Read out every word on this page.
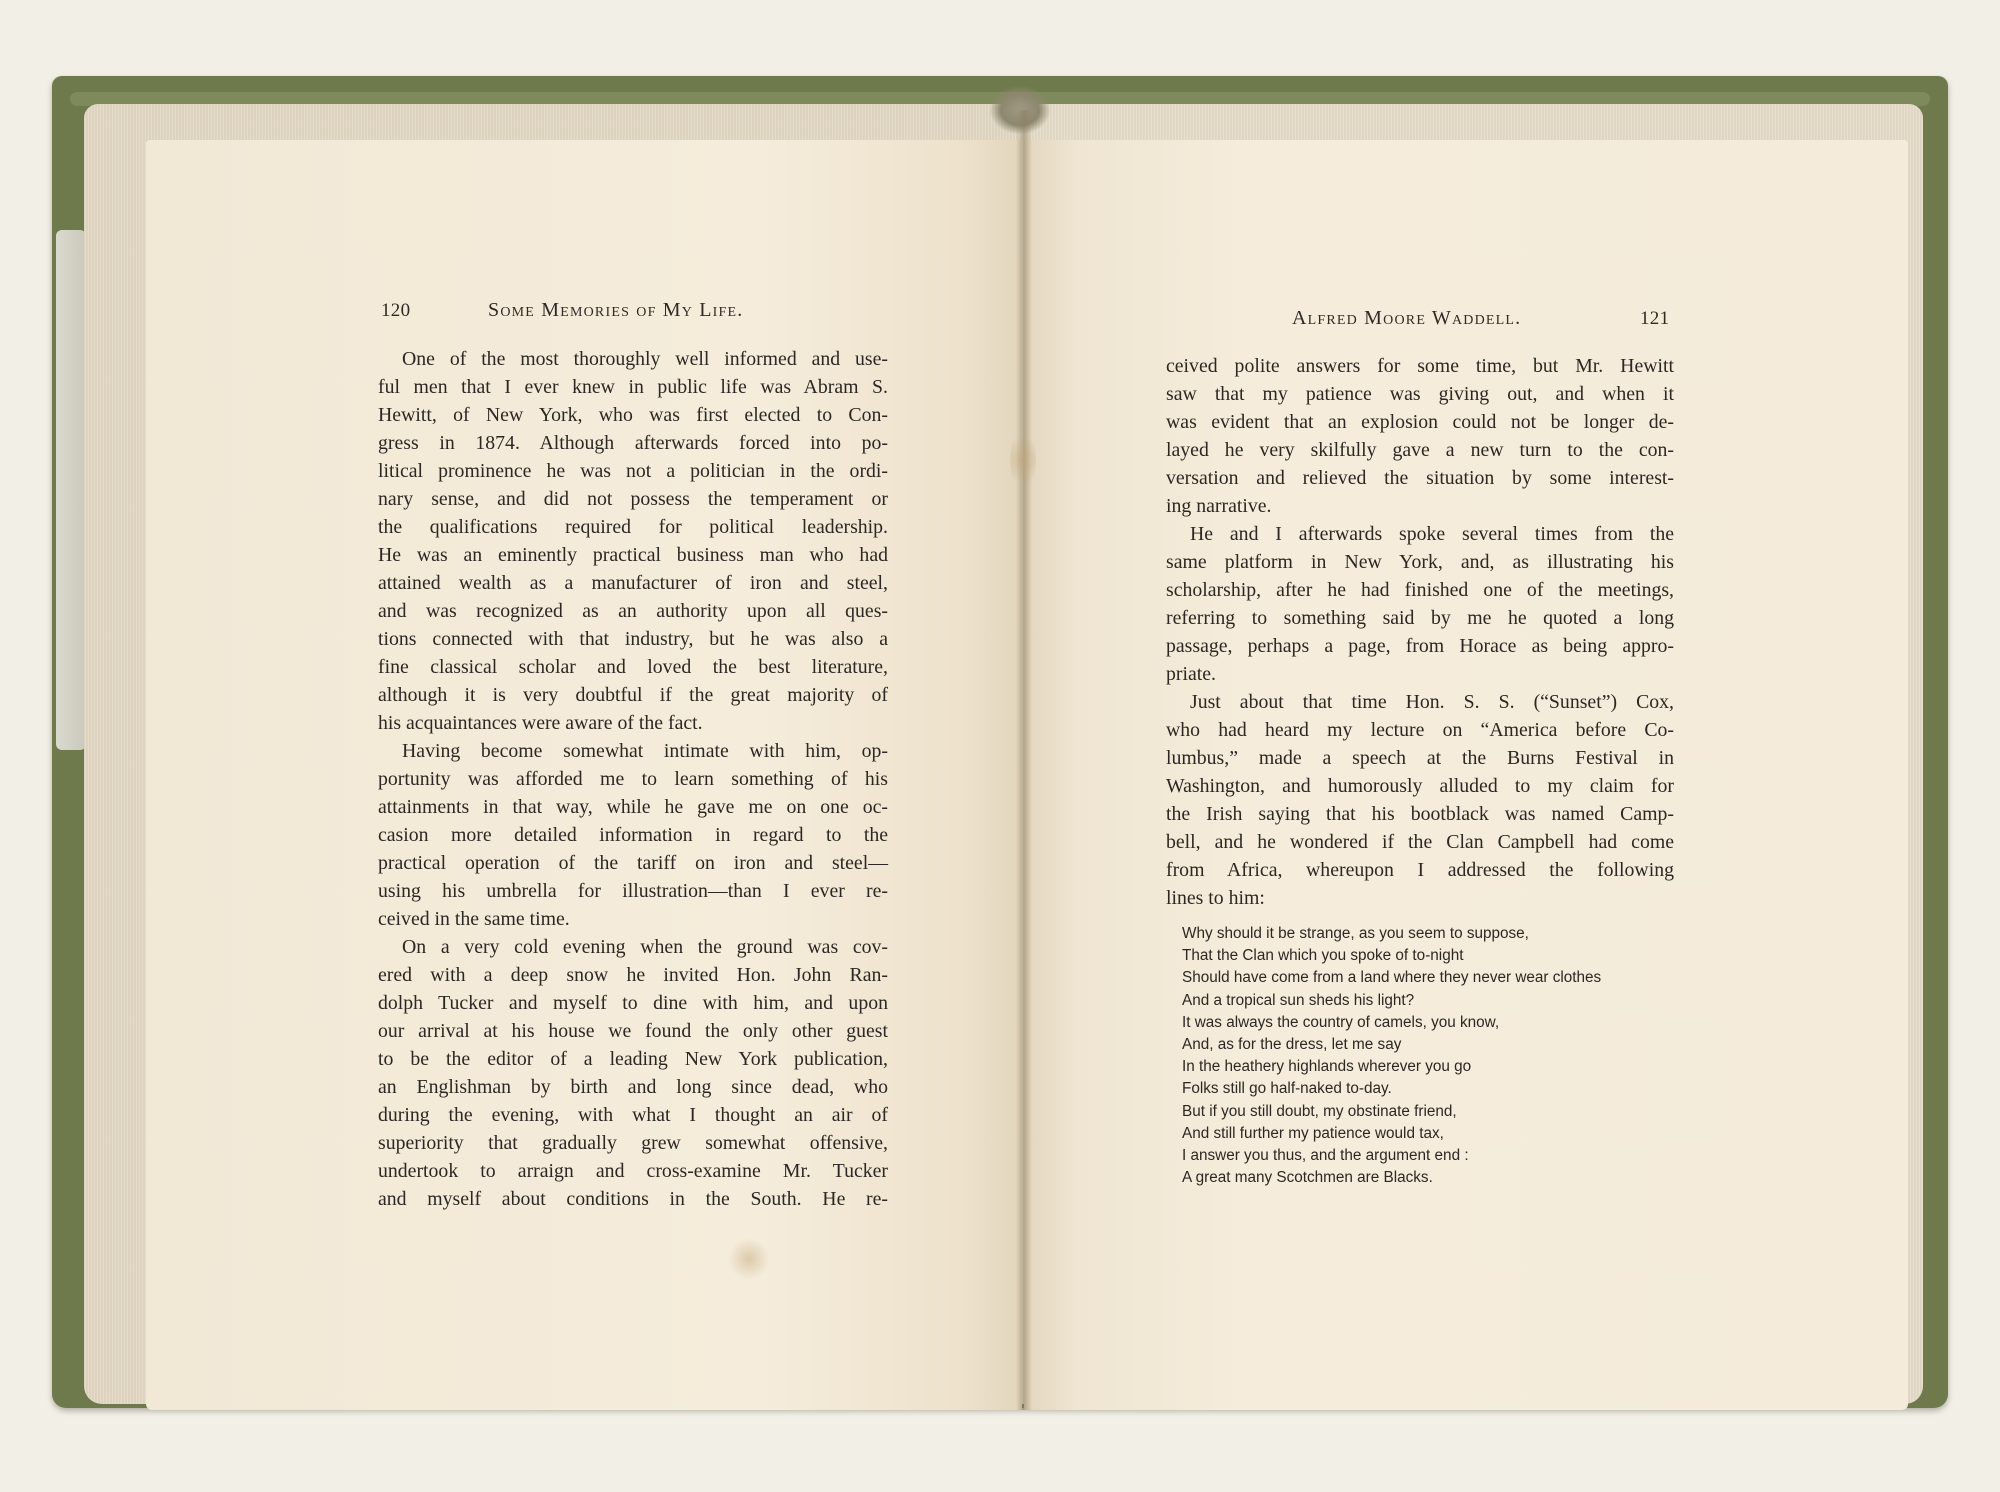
120	Some Memories of My Life.

One of the most thoroughly well informed and use-

ful men that I ever knew in public life was Abram S.

Hewitt, of New York, who was first elected to Con-

gress in 1874. Although afterwards forced into po-

litical prominence he was not a politician in the ordi-

nary sense, and did not possess the temperament or

the qualifications required for political leadership.

He was an eminently practical business man who had

attained wealth as a manufacturer of iron and steel,

and was recognized as an authority upon all ques-

tions connected with that industry, but he was also a

fine classical scholar and loved the best literature,

although it is very doubtful if the great majority of

his acquaintances were aware of the fact.

Having become somewhat intimate with him, op-

portunity was afforded me to learn something of his

attainments in that way, while he gave me on one oc-

casion more detailed information in regard to the

practical operation of the tariff on iron and steel—

using his umbrella for illustration—than I ever re-

ceived in the same time.

On a very cold evening when the ground was cov-

ered with a deep snow he invited Hon. John Ran-

dolph Tucker and myself to dine with him, and upon

our arrival at his house we found the only other guest

to be the editor of a leading New York publication,

an Englishman by birth and long since dead, who

during the evening, with what I thought an air of

superiority that gradually grew somewhat offensive,

undertook to arraign and cross-examine Mr. Tucker

and myself about conditions in the South. He re-

Alfred Moore Waddell.	121

ceived polite answers for some time, but Mr. Hewitt

saw that my patience was giving out, and when it

was evident that an explosion could not be longer de-

layed he very skilfully gave a new turn to the con-

versation and relieved the situation by some interest-

ing narrative.

He and I afterwards spoke several times from the

same platform in New York, and, as illustrating his

scholarship, after he had finished one of the meetings,

referring to something said by me he quoted a long

passage, perhaps a page, from Horace as being appro-

priate.

Just about that time Hon. S. S. (“Sunset”) Cox,

who had heard my lecture on “America before Co-

lumbus,” made a speech at the Burns Festival in

Washington, and humorously alluded to my claim for

the Irish saying that his bootblack was named Camp-

bell, and he wondered if the Clan Campbell had come

from Africa, whereupon I addressed the following

lines to him:

Why should it be strange, as you seem to suppose,
That the Clan which you spoke of to-night
Should have come from a land where they never wear clothes
And a tropical sun sheds his light?
It was always the country of camels, you know,
And, as for the dress, let me say
In the heathery highlands wherever you go
Folks still go half-naked to-day.
But if you still doubt, my obstinate friend,
And still further my patience would tax,
I answer you thus, and the argument end :
A great many Scotchmen are Blacks.
